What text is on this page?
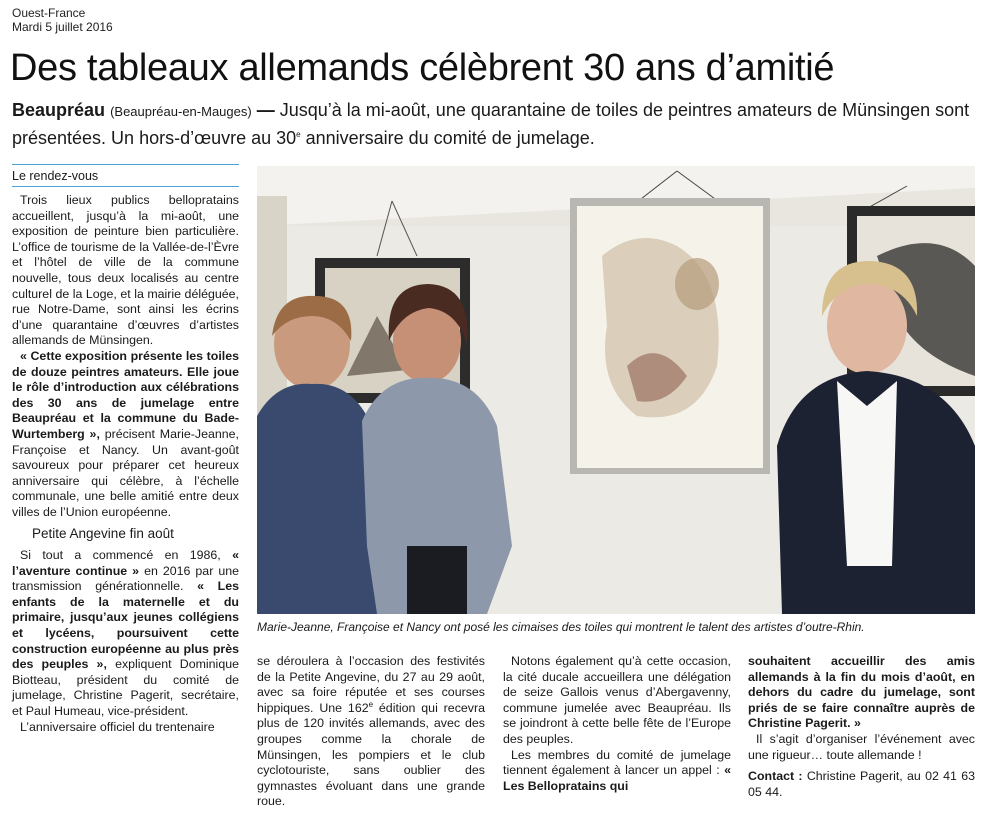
Ouest-France
Mardi 5 juillet 2016
Des tableaux allemands célèbrent 30 ans d’amitié

Beaupréau (Beaupréau-en-Mauges) — Jusqu’à la mi-août, une quarantaine de toiles de peintres amateurs de Münsingen sont présentées. Un hors-d’œuvre au 30e anniversaire du comité de jumelage.

Le rendez-vous

Trois lieux publics bellopratains accueillent, jusqu’à la mi-août, une exposition de peinture bien particulière. L’office de tourisme de la Vallée-de-l’Èvre et l’hôtel de ville de la commune nouvelle, tous deux localisés au centre culturel de la Loge, et la mairie déléguée, rue Notre-Dame, sont ainsi les écrins d’une quarantaine d’œuvres d’artistes allemands de Münsingen.

« Cette exposition présente les toiles de douze peintres amateurs. Elle joue le rôle d’introduction aux célébrations des 30 ans de jumelage entre Beaupréau et la commune du Bade-Wurtemberg », précisent Marie-Jeanne, Françoise et Nancy. Un avant-goût savoureux pour préparer cet heureux anniversaire qui célèbre, à l’échelle communale, une belle amitié entre deux villes de l’Union européenne.

Petite Angevine fin août

Si tout a commencé en 1986, « l’aventure continue » en 2016 par une transmission générationnelle. « Les enfants de la maternelle et du primaire, jusqu’aux jeunes collégiens et lycéens, poursuivent cette construction européenne au plus près des peuples », expliquent Dominique Biotteau, président du comité de jumelage, Christine Pagerit, secrétaire, et Paul Humeau, vice-président.

L’anniversaire officiel du trentenaire

Marie-Jeanne, Françoise et Nancy ont posé les cimaises des toiles qui montrent le talent des artistes d’outre-Rhin.

se déroulera à l’occasion des festivités de la Petite Angevine, du 27 au 29 août, avec sa foire réputée et ses courses hippiques. Une 162e édition qui recevra plus de 120 invités allemands, avec des groupes comme la chorale de Münsingen, les pompiers et le club cyclotouriste, sans oublier des gymnastes évoluant dans une grande roue.

Notons également qu’à cette occasion, la cité ducale accueillera une délégation de seize Gallois venus d’Abergavenny, commune jumelée avec Beaupréau. Ils se joindront à cette belle fête de l’Europe des peuples.

Les membres du comité de jumelage tiennent également à lancer un appel : « Les Bellopratains qui

souhaitent accueillir des amis allemands à la fin du mois d’août, en dehors du cadre du jumelage, sont priés de se faire connaître auprès de Christine Pagerit. »

Il s’agit d’organiser l’événement avec une rigueur… toute allemande !

Contact : Christine Pagerit, au 02 41 63 05 44.
